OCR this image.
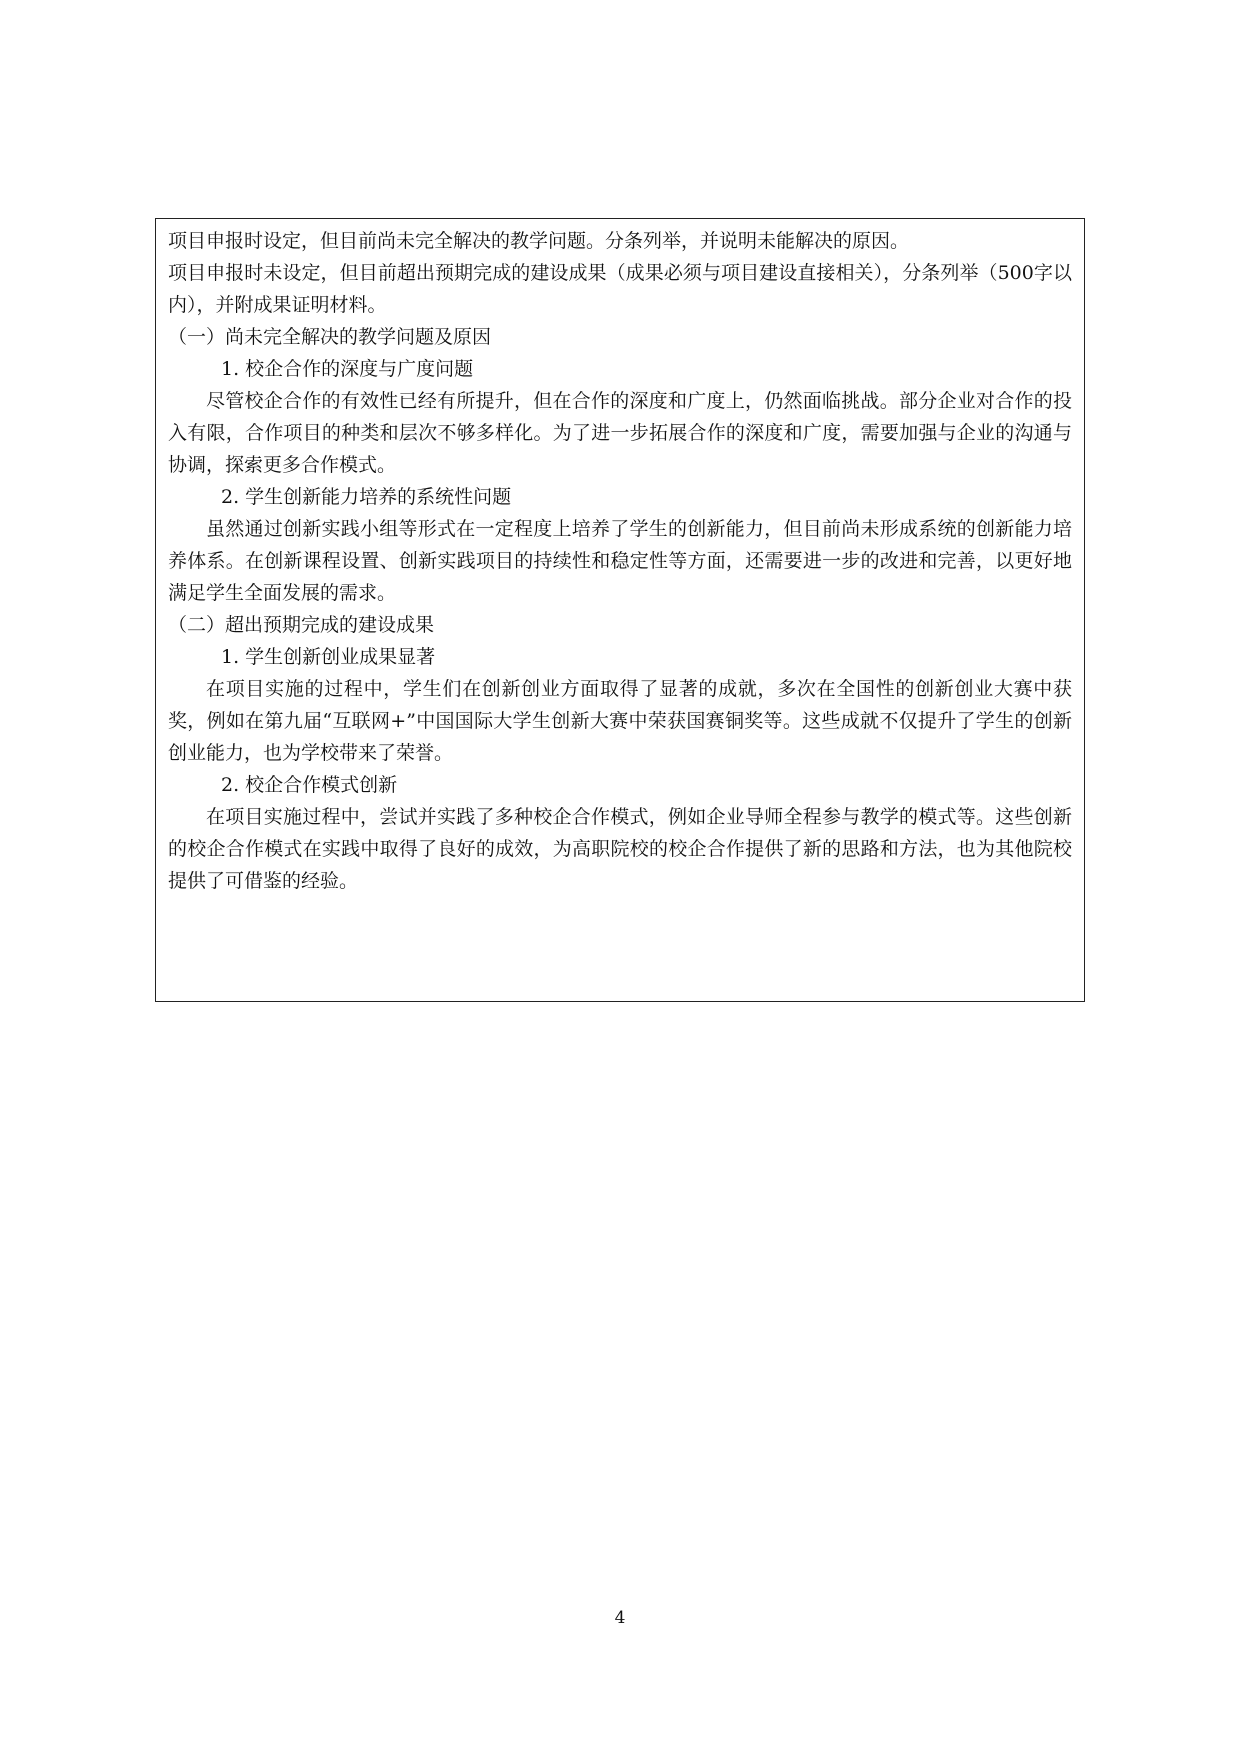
项目申报时设定，但目前尚未完全解决的教学问题。分条列举，并说明未能解决的原因。

项目申报时未设定，但目前超出预期完成的建设成果（成果必须与项目建设直接相关），分条列举（500字以内），并附成果证明材料。

（一）尚未完全解决的教学问题及原因

1. 校企合作的深度与广度问题

尽管校企合作的有效性已经有所提升，但在合作的深度和广度上，仍然面临挑战。部分企业对合作的投入有限，合作项目的种类和层次不够多样化。为了进一步拓展合作的深度和广度，需要加强与企业的沟通与协调，探索更多合作模式。

2. 学生创新能力培养的系统性问题

虽然通过创新实践小组等形式在一定程度上培养了学生的创新能力，但目前尚未形成系统的创新能力培养体系。在创新课程设置、创新实践项目的持续性和稳定性等方面，还需要进一步的改进和完善，以更好地满足学生全面发展的需求。

（二）超出预期完成的建设成果

1. 学生创新创业成果显著

在项目实施的过程中，学生们在创新创业方面取得了显著的成就，多次在全国性的创新创业大赛中获奖，例如在第九届“互联网+”中国国际大学生创新大赛中荣获国赛铜奖等。这些成就不仅提升了学生的创新创业能力，也为学校带来了荣誉。

2. 校企合作模式创新

在项目实施过程中，尝试并实践了多种校企合作模式，例如企业导师全程参与教学的模式等。这些创新的校企合作模式在实践中取得了良好的成效，为高职院校的校企合作提供了新的思路和方法，也为其他院校提供了可借鉴的经验。

4
